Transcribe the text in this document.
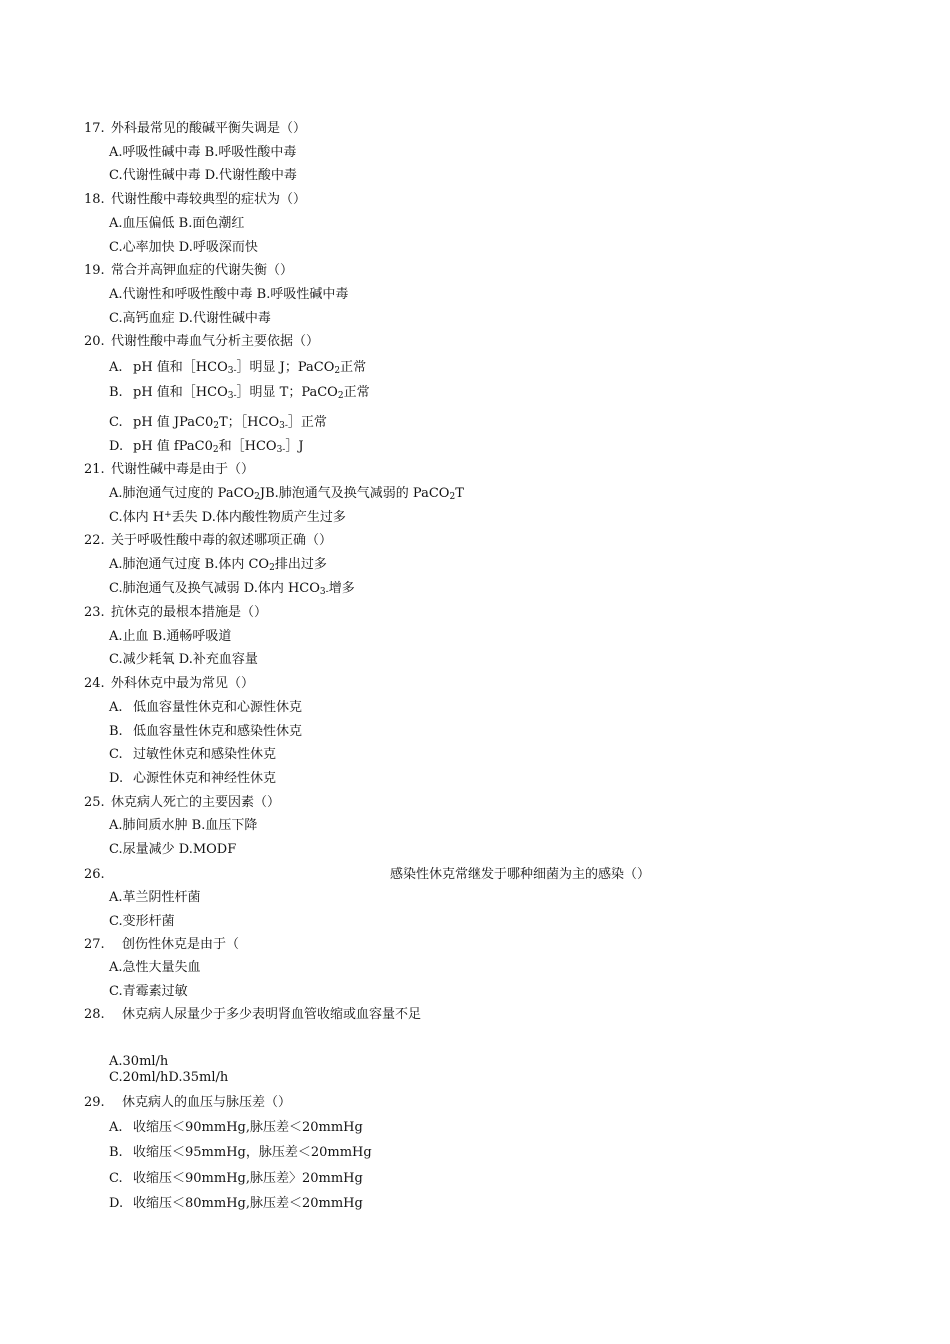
17. 外科最常见的酸碱平衡失调是（）
A.呼吸性碱中毒 B.呼吸性酸中毒
C.代谢性碱中毒 D.代谢性酸中毒
18. 代谢性酸中毒较典型的症状为（）
A.血压偏低 B.面色潮红
C.心率加快 D.呼吸深而快
19. 常合并高钾血症的代谢失衡（）
A.代谢性和呼吸性酸中毒 B.呼吸性碱中毒
C.高钙血症 D.代谢性碱中毒
20. 代谢性酸中毒血气分析主要依据（）
A. pH 值和$[HCO_{3-}]$明显 J；PaCO$_2$正常
B. pH 值和$[HCO_{3-}]$明显 T；PaCO$_2$正常
C. pH 值 $JPaC0_2T$；$[HCO_{3-}]$正常
D. pH 值 $fPaC0_2$和$[HCO_{3-}]J$
21. 代谢性碱中毒是由于（）
A.肺泡通气过度的 PaCO$_2$JB.肺泡通气及换气减弱的 PaCO$_2$T
C.体内 H+丢失 D.体内酸性物质产生过多
22. 关于呼吸性酸中毒的叙述哪项正确（）
A.肺泡通气过度 B.体内 $CO_2$排出过多
C.肺泡通气及换气减弱 D.体内 $HCO_{3-}$增多
23. 抗休克的最根本措施是（）
A.止血 B.通畅呼吸道
C.减少耗氧 D.补充血容量
24. 外科休克中最为常见（）
A. 低血容量性休克和心源性休克
B. 低血容量性休克和感染性休克
C. 过敏性休克和感染性休克
D. 心源性休克和神经性休克
25. 休克病人死亡的主要因素（）
A.肺间质水肿 B.血压下降
C.尿量减少 D.MODF
26.	感染性休克常继发于哪种细菌为主的感染（）
A.革兰阴性杆菌
C.变形杆菌
27. 创伤性休克是由于（
A.急性大量失血
C.青霉素过敏
28. 休克病人尿量少于多少表明肾血管收缩或血容量不足
A.30ml/h
C.20ml/hD.35ml/h
29. 休克病人的血压与脉压差（）
A. 收缩压＜90mmHg,脉压差＜20mmHg
B. 收缩压＜95mmHg，脉压差＜20mmHg
C. 收缩压＜90mmHg,脉压差〉20mmHg
D. 收缩压＜80mmHg,脉压差＜20mmHg
